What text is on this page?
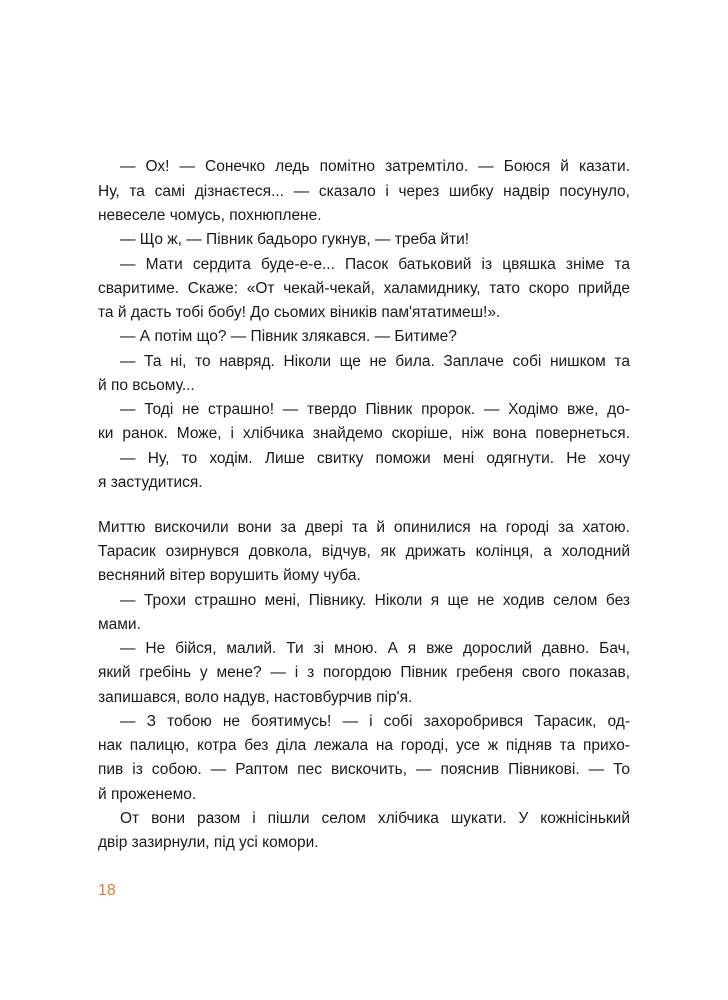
— Ох! — Сонечко ледь помітно затремтіло. — Боюся й казати.
Ну, та самі дізнаєтеся... — сказало і через шибку надвір посунуло,
невеселе чомусь, похнюплене.
— Що ж, — Півник бадьоро гукнув, — треба йти!
— Мати сердита буде-е-е... Пасок батьковий із цвяшка зніме та
сваритиме. Скаже: «От чекай-чекай, халамиднику, тато скоро прийде
та й дасть тобі бобу! До сьомих віників пам'ятатимеш!».
— А потім що? — Півник злякався. — Битиме?
— Та ні, то навряд. Ніколи ще не била. Заплаче собі нишком та
й по всьому...
— Тоді не страшно! — твердо Півник пророк. — Ходімо вже, до-
ки ранок. Може, і хлібчика знайдемо скоріше, ніж вона повернеться.
— Ну, то ходім. Лише свитку поможи мені одягнути. Не хочу
я застудитися.
Миттю вискочили вони за двері та й опинилися на городі за хатою.
Тарасик озирнувся довкола, відчув, як дрижать колінця, а холодний
весняний вітер ворушить йому чуба.
— Трохи страшно мені, Півнику. Ніколи я ще не ходив селом без
мами.
— Не бійся, малий. Ти зі мною. А я вже дорослий давно. Бач,
який гребінь у мене? — і з погордою Півник гребеня свого показав,
запишався, воло надув, настовбурчив пір'я.
— З тобою не боятимусь! — і собі захоробрився Тарасик, од-
нак палицю, котра без діла лежала на городі, усе ж підняв та прихо-
пив із собою. — Раптом пес вискочить, — пояснив Півникові. — То
й проженемо.
От вони разом і пішли селом хлібчика шукати. У кожнісінький
двір зазирнули, під усі комори.
18
